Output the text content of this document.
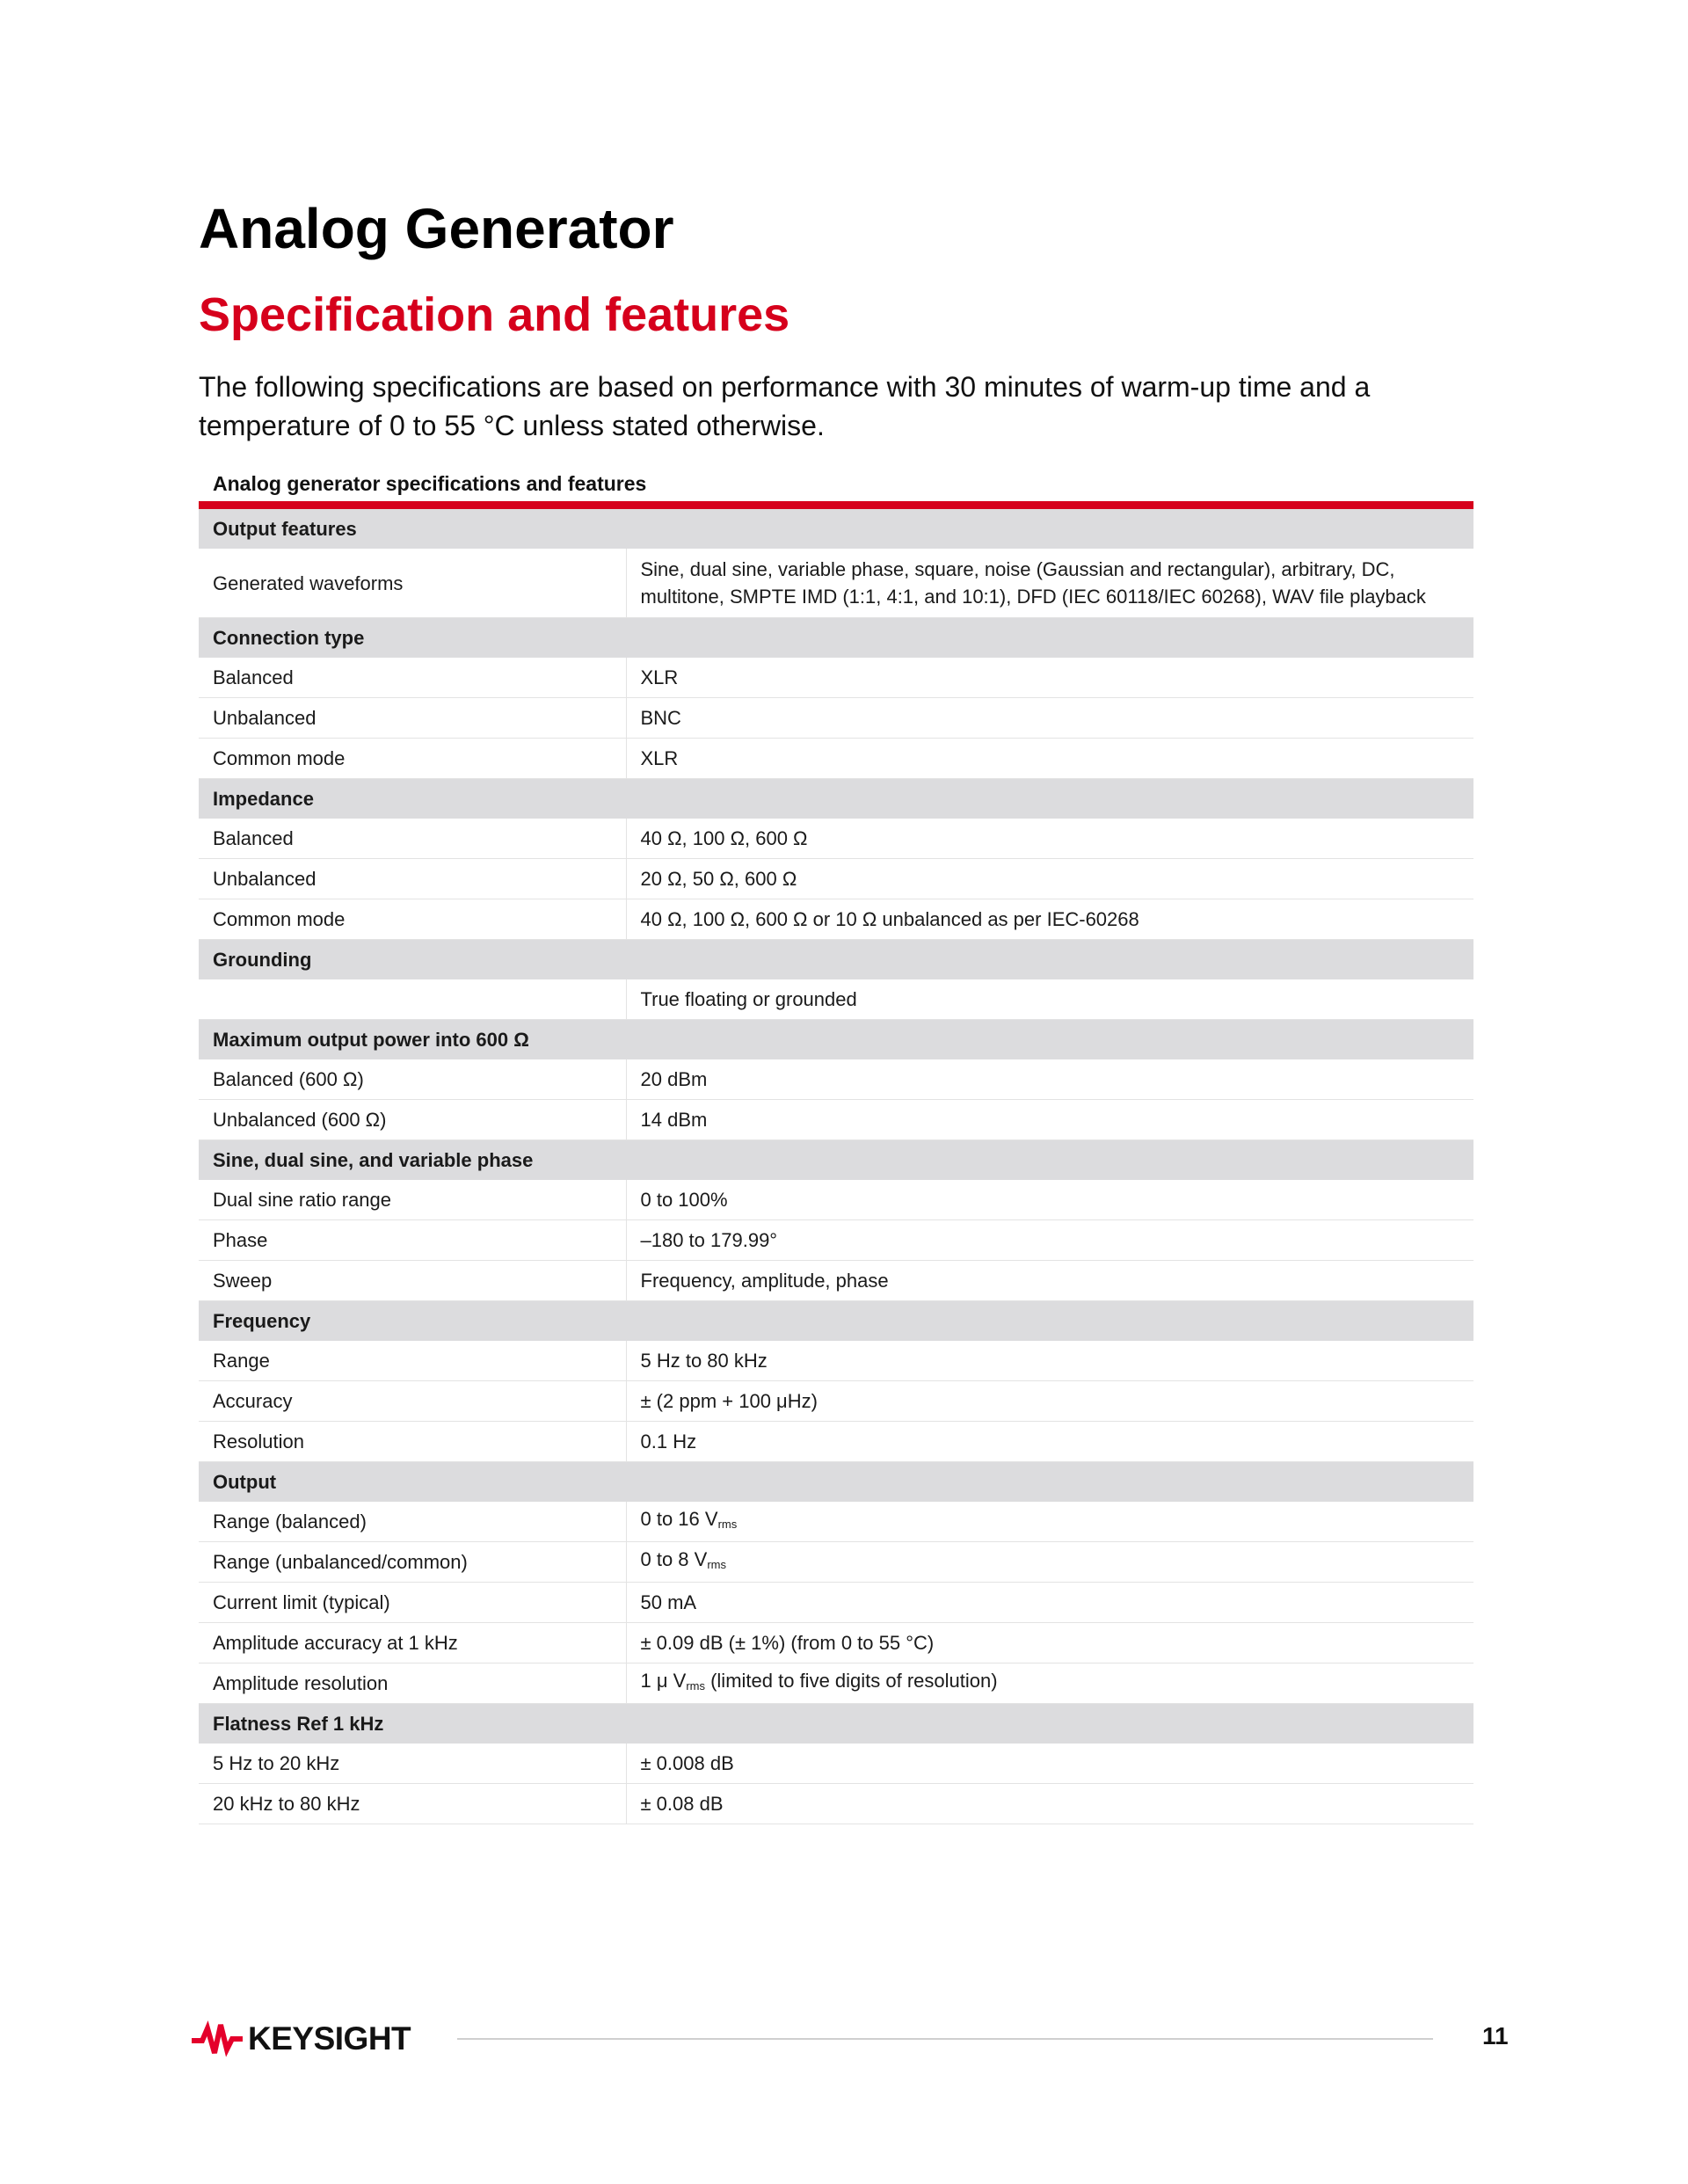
Analog Generator
Specification and features

The following specifications are based on performance with 30 minutes of warm-up time and a temperature of 0 to 55 °C unless stated otherwise.

Analog generator specifications and features
Output features	
Generated waveforms	Sine, dual sine, variable phase, square, noise (Gaussian and rectangular), arbitrary, DC, multitone, SMPTE IMD (1:1, 4:1, and 10:1), DFD (IEC 60118/IEC 60268), WAV file playback
Connection type	
Balanced	XLR
Unbalanced	BNC
Common mode	XLR
Impedance	
Balanced	40 Ω, 100 Ω, 600 Ω
Unbalanced	20 Ω, 50 Ω, 600 Ω
Common mode	40 Ω, 100 Ω, 600 Ω or 10 Ω unbalanced as per IEC-60268
Grounding	
	True floating or grounded
Maximum output power into 600 Ω	
Balanced (600 Ω)	20 dBm
Unbalanced (600 Ω)	14 dBm
Sine, dual sine, and variable phase	
Dual sine ratio range	0 to 100%
Phase	–180 to 179.99°
Sweep	Frequency, amplitude, phase
Frequency	
Range	5 Hz to 80 kHz
Accuracy	± (2 ppm + 100 μHz)
Resolution	0.1 Hz
Output	
Range (balanced)	0 to 16 $V_{rms}$
Range (unbalanced/common)	0 to 8 $V_{rms}$
Current limit (typical)	50 mA
Amplitude accuracy at 1 kHz	± 0.09 dB (± 1%) (from 0 to 55 °C)
Amplitude resolution	1 μ $V_{rms}$ (limited to five digits of resolution)
Flatness Ref 1 kHz	
5 Hz to 20 kHz	± 0.008 dB
20 kHz to 80 kHz	± 0.08 dB
KEYSIGHT	11
